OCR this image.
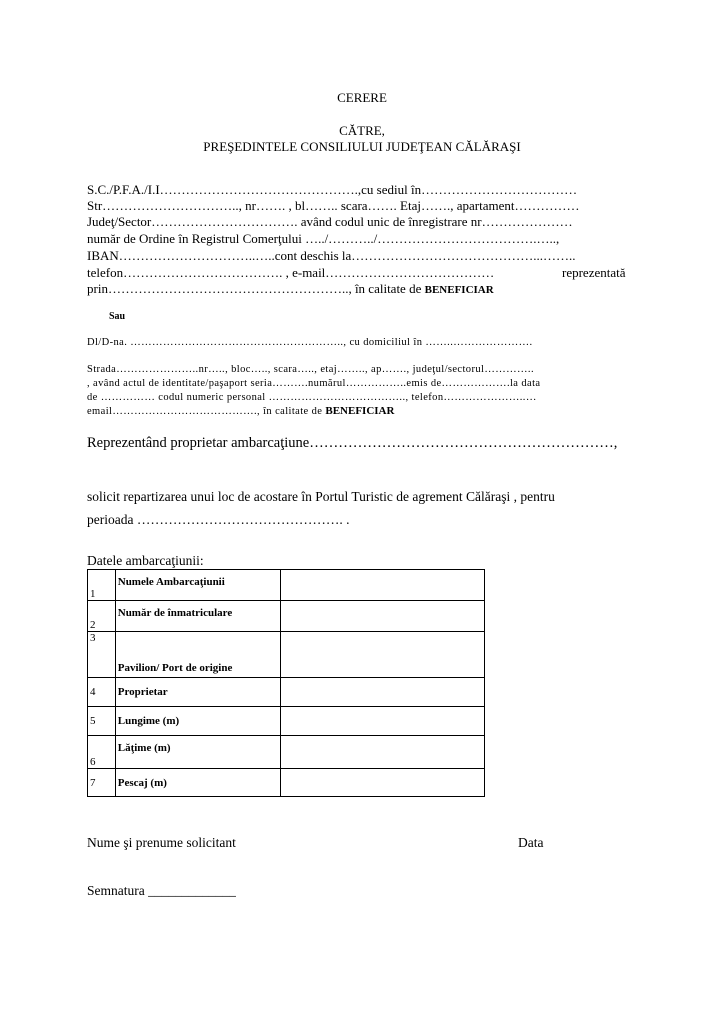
CERERE
CĂTRE,
PREŞEDINTELE CONSILIULUI JUDEŢEAN CĂLĂRAŞI
S.C./P.F.A./I.I……………………………………….,cu sediul în………………………………
Str………………………….., nr……. , bl…….. scara……. Etaj……., apartament……………
Judeţ/Sector……………………………. având codul unic de înregistrare nr…………………
număr de Ordine în Registrul Comerţului …../………../……………………………….…..,
IBAN…………………………..…..cont deschis la……………………………………...……..
telefon………………………………. , e-mail…………………………………	reprezentată
prin……………………………………………….., în calitate de BENEFICIAR
Sau
Dl/D-na. ………………………………………………….., cu domiciliul în ……..………………….
Strada…………………..nr….., bloc….., scara….., etaj…….., ap……., judeţul/sectorul…………..
, având actul de identitate/paşaport seria……….numărul……………..emis de……………….la data
de …………… codul numeric personal ……………………………….., telefon…………………..…
email…………………………………., în calitate de BENEFICIAR
Reprezentând proprietar ambarcaţiune………………………………………………………,
solicit repartizarea unui loc de acostare în Portul Turistic de agrement Călăraşi , pentru
perioada ………………………………………. .
Datele ambarcaţiunii:
1	Numele Ambarcaţiunii	
2	Număr de înmatriculare	
3	Pavilion/ Port de origine	
4	Proprietar	
5	Lungime (m)	
6	Lăţime (m)	
7	Pescaj (m)	
Nume şi prenume solicitant	Data
Semnatura _____________
